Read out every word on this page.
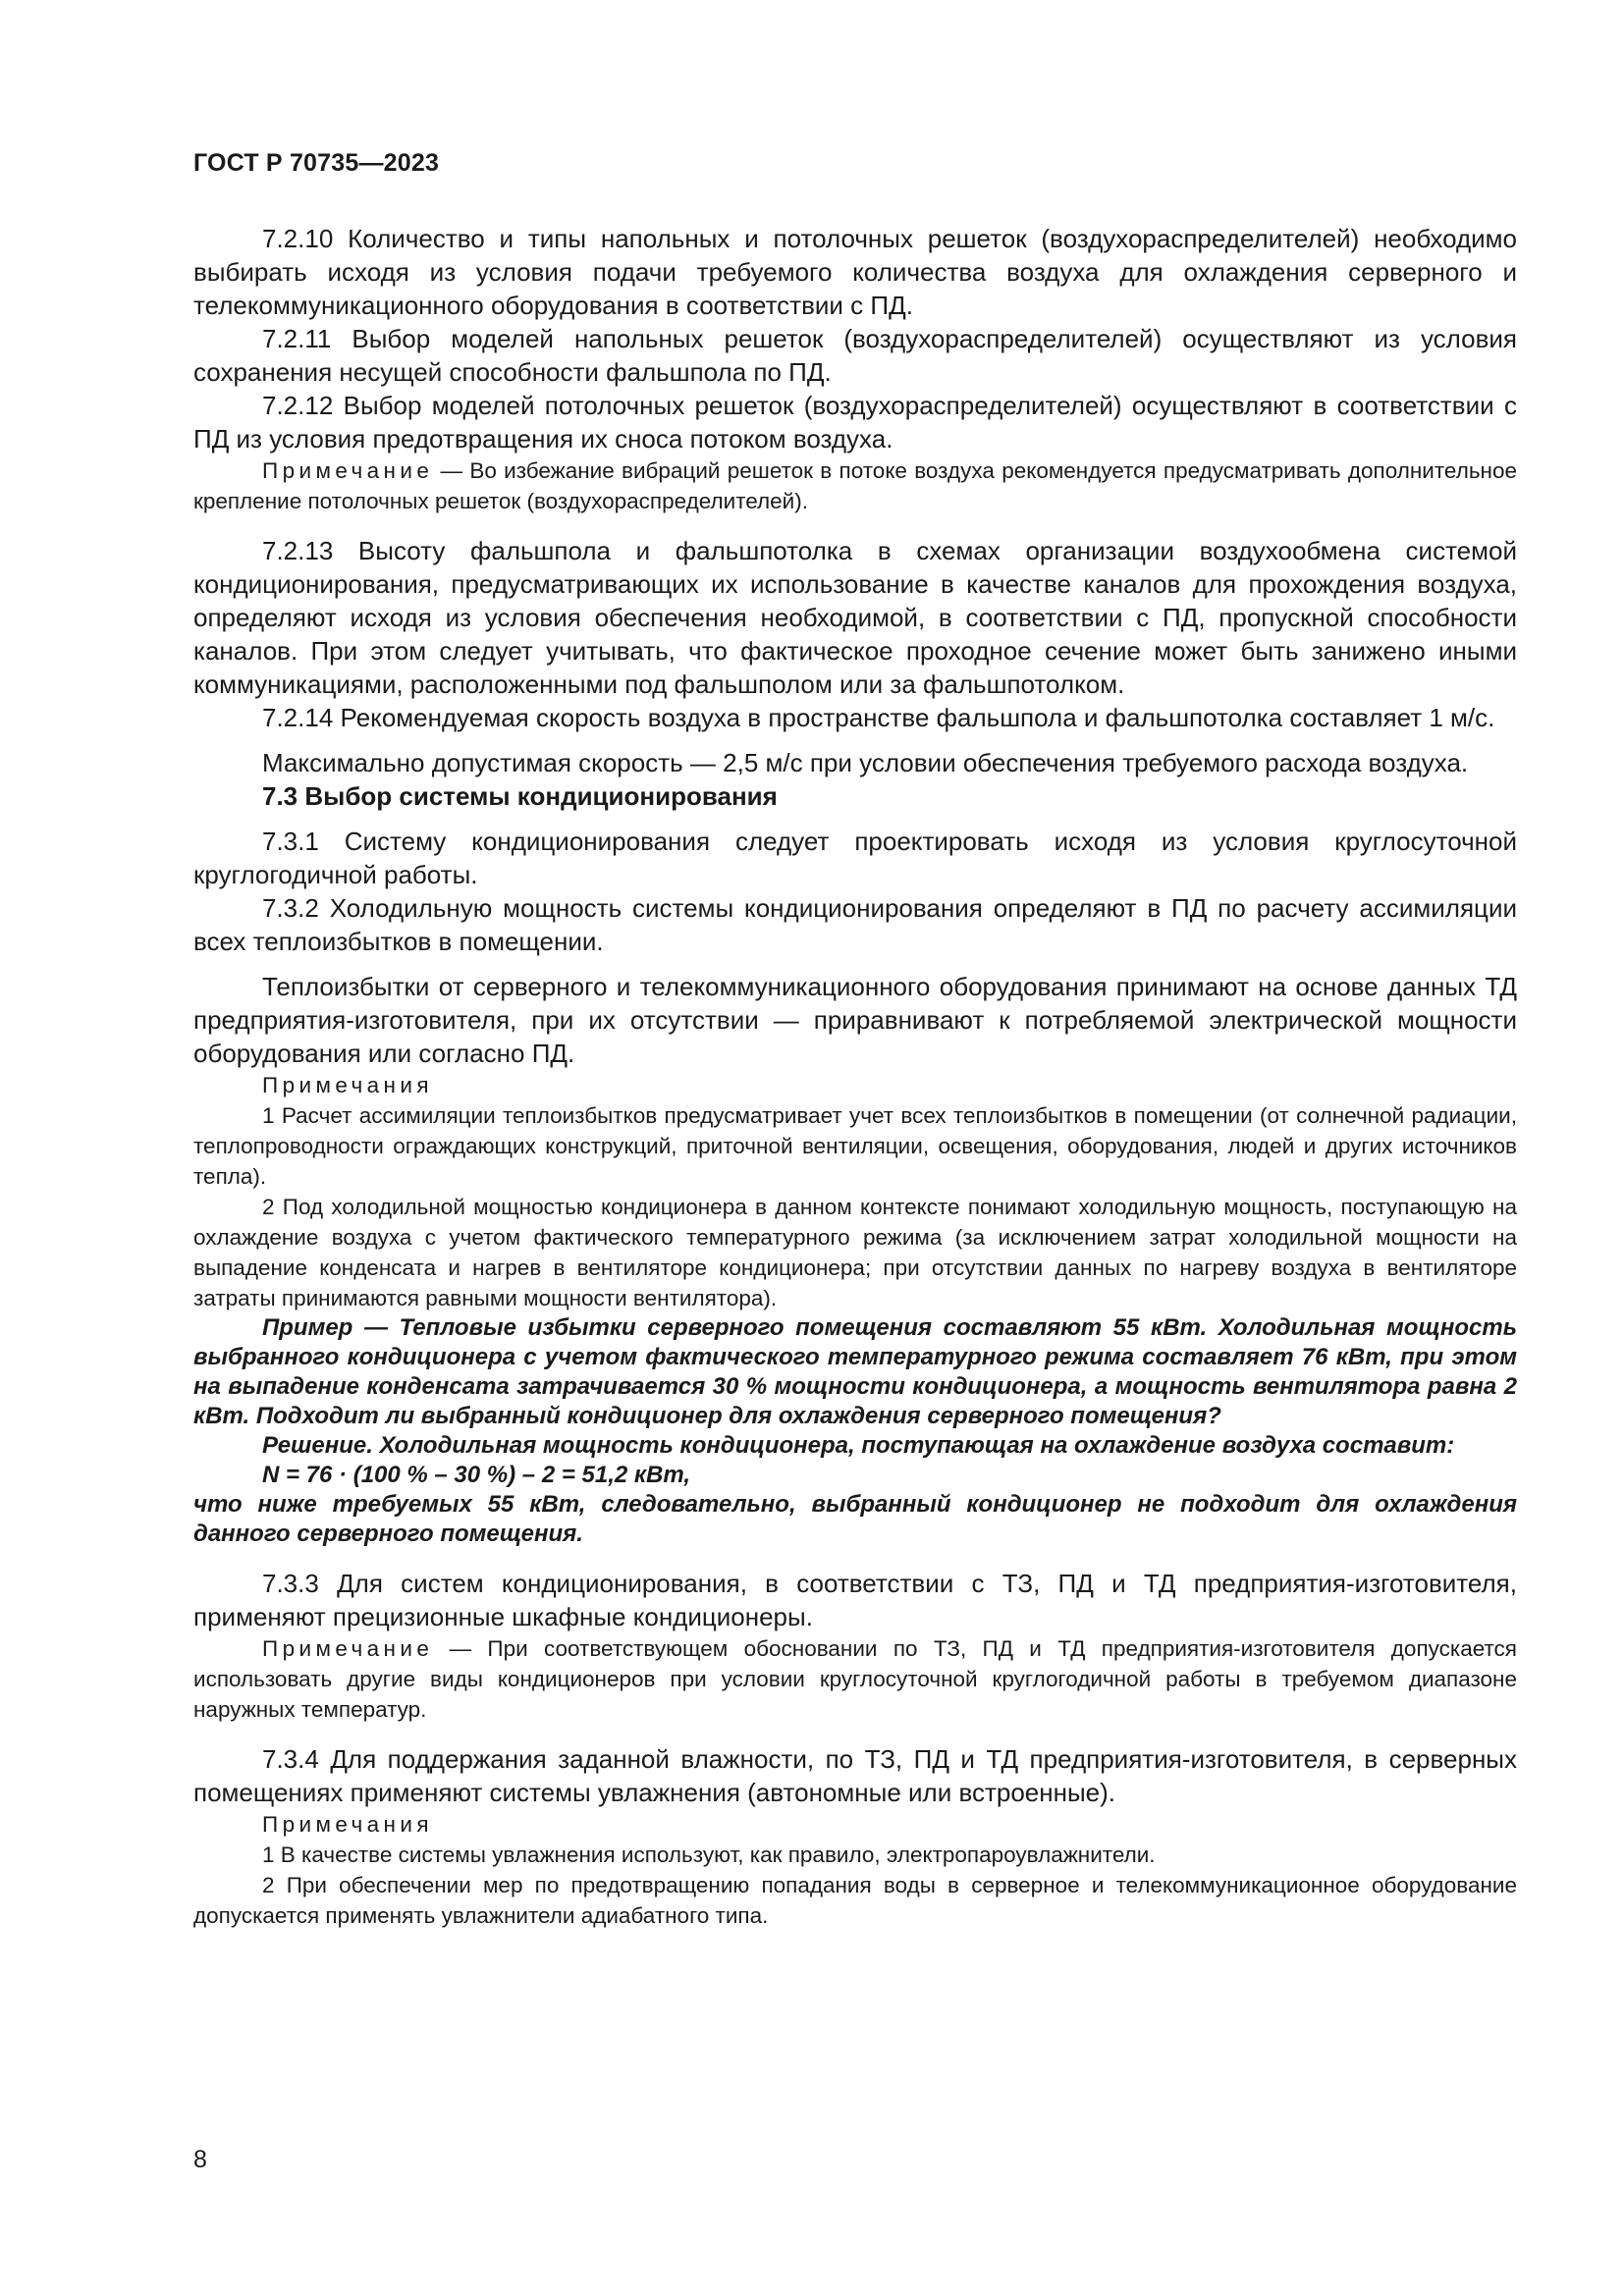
ГОСТ Р 70735—2023

7.2.10 Количество и типы напольных и потолочных решеток (воздухораспределителей) необходимо выбирать исходя из условия подачи требуемого количества воздуха для охлаждения серверного и телекоммуникационного оборудования в соответствии с ПД.

7.2.11 Выбор моделей напольных решеток (воздухораспределителей) осуществляют из условия сохранения несущей способности фальшпола по ПД.

7.2.12 Выбор моделей потолочных решеток (воздухораспределителей) осуществляют в соответствии с ПД из условия предотвращения их сноса потоком воздуха.

Примечание — Во избежание вибраций решеток в потоке воздуха рекомендуется предусматривать дополнительное крепление потолочных решеток (воздухораспределителей).

7.2.13 Высоту фальшпола и фальшпотолка в схемах организации воздухообмена системой кондиционирования, предусматривающих их использование в качестве каналов для прохождения воздуха, определяют исходя из условия обеспечения необходимой, в соответствии с ПД, пропускной способности каналов. При этом следует учитывать, что фактическое проходное сечение может быть занижено иными коммуникациями, расположенными под фальшполом или за фальшпотолком.

7.2.14 Рекомендуемая скорость воздуха в пространстве фальшпола и фальшпотолка составляет 1 м/с.

Максимально допустимая скорость — 2,5 м/с при условии обеспечения требуемого расхода воздуха.

7.3 Выбор системы кондиционирования

7.3.1 Систему кондиционирования следует проектировать исходя из условия круглосуточной круглогодичной работы.

7.3.2 Холодильную мощность системы кондиционирования определяют в ПД по расчету ассимиляции всех теплоизбытков в помещении.

Теплоизбытки от серверного и телекоммуникационного оборудования принимают на основе данных ТД предприятия-изготовителя, при их отсутствии — приравнивают к потребляемой электрической мощности оборудования или согласно ПД.

Примечания

1 Расчет ассимиляции теплоизбытков предусматривает учет всех теплоизбытков в помещении (от солнечной радиации, теплопроводности ограждающих конструкций, приточной вентиляции, освещения, оборудования, людей и других источников тепла).

2 Под холодильной мощностью кондиционера в данном контексте понимают холодильную мощность, поступающую на охлаждение воздуха с учетом фактического температурного режима (за исключением затрат холодильной мощности на выпадение конденсата и нагрев в вентиляторе кондиционера; при отсутствии данных по нагреву воздуха в вентиляторе затраты принимаются равными мощности вентилятора).

Пример — Тепловые избытки серверного помещения составляют 55 кВт. Холодильная мощность выбранного кондиционера с учетом фактического температурного режима составляет 76 кВт, при этом на выпадение конденсата затрачивается 30 % мощности кондиционера, а мощность вентилятора равна 2 кВт. Подходит ли выбранный кондиционер для охлаждения серверного помещения?

Решение. Холодильная мощность кондиционера, поступающая на охлаждение воздуха составит:

N = 76 · (100 % – 30 %) – 2 = 51,2 кВт,

что ниже требуемых 55 кВт, следовательно, выбранный кондиционер не подходит для охлаждения данного серверного помещения.

7.3.3 Для систем кондиционирования, в соответствии с ТЗ, ПД и ТД предприятия-изготовителя, применяют прецизионные шкафные кондиционеры.

Примечание — При соответствующем обосновании по ТЗ, ПД и ТД предприятия-изготовителя допускается использовать другие виды кондиционеров при условии круглосуточной круглогодичной работы в требуемом диапазоне наружных температур.

7.3.4 Для поддержания заданной влажности, по ТЗ, ПД и ТД предприятия-изготовителя, в серверных помещениях применяют системы увлажнения (автономные или встроенные).

Примечания

1 В качестве системы увлажнения используют, как правило, электропароувлажнители.

2 При обеспечении мер по предотвращению попадания воды в серверное и телекоммуникационное оборудование допускается применять увлажнители адиабатного типа.

8
